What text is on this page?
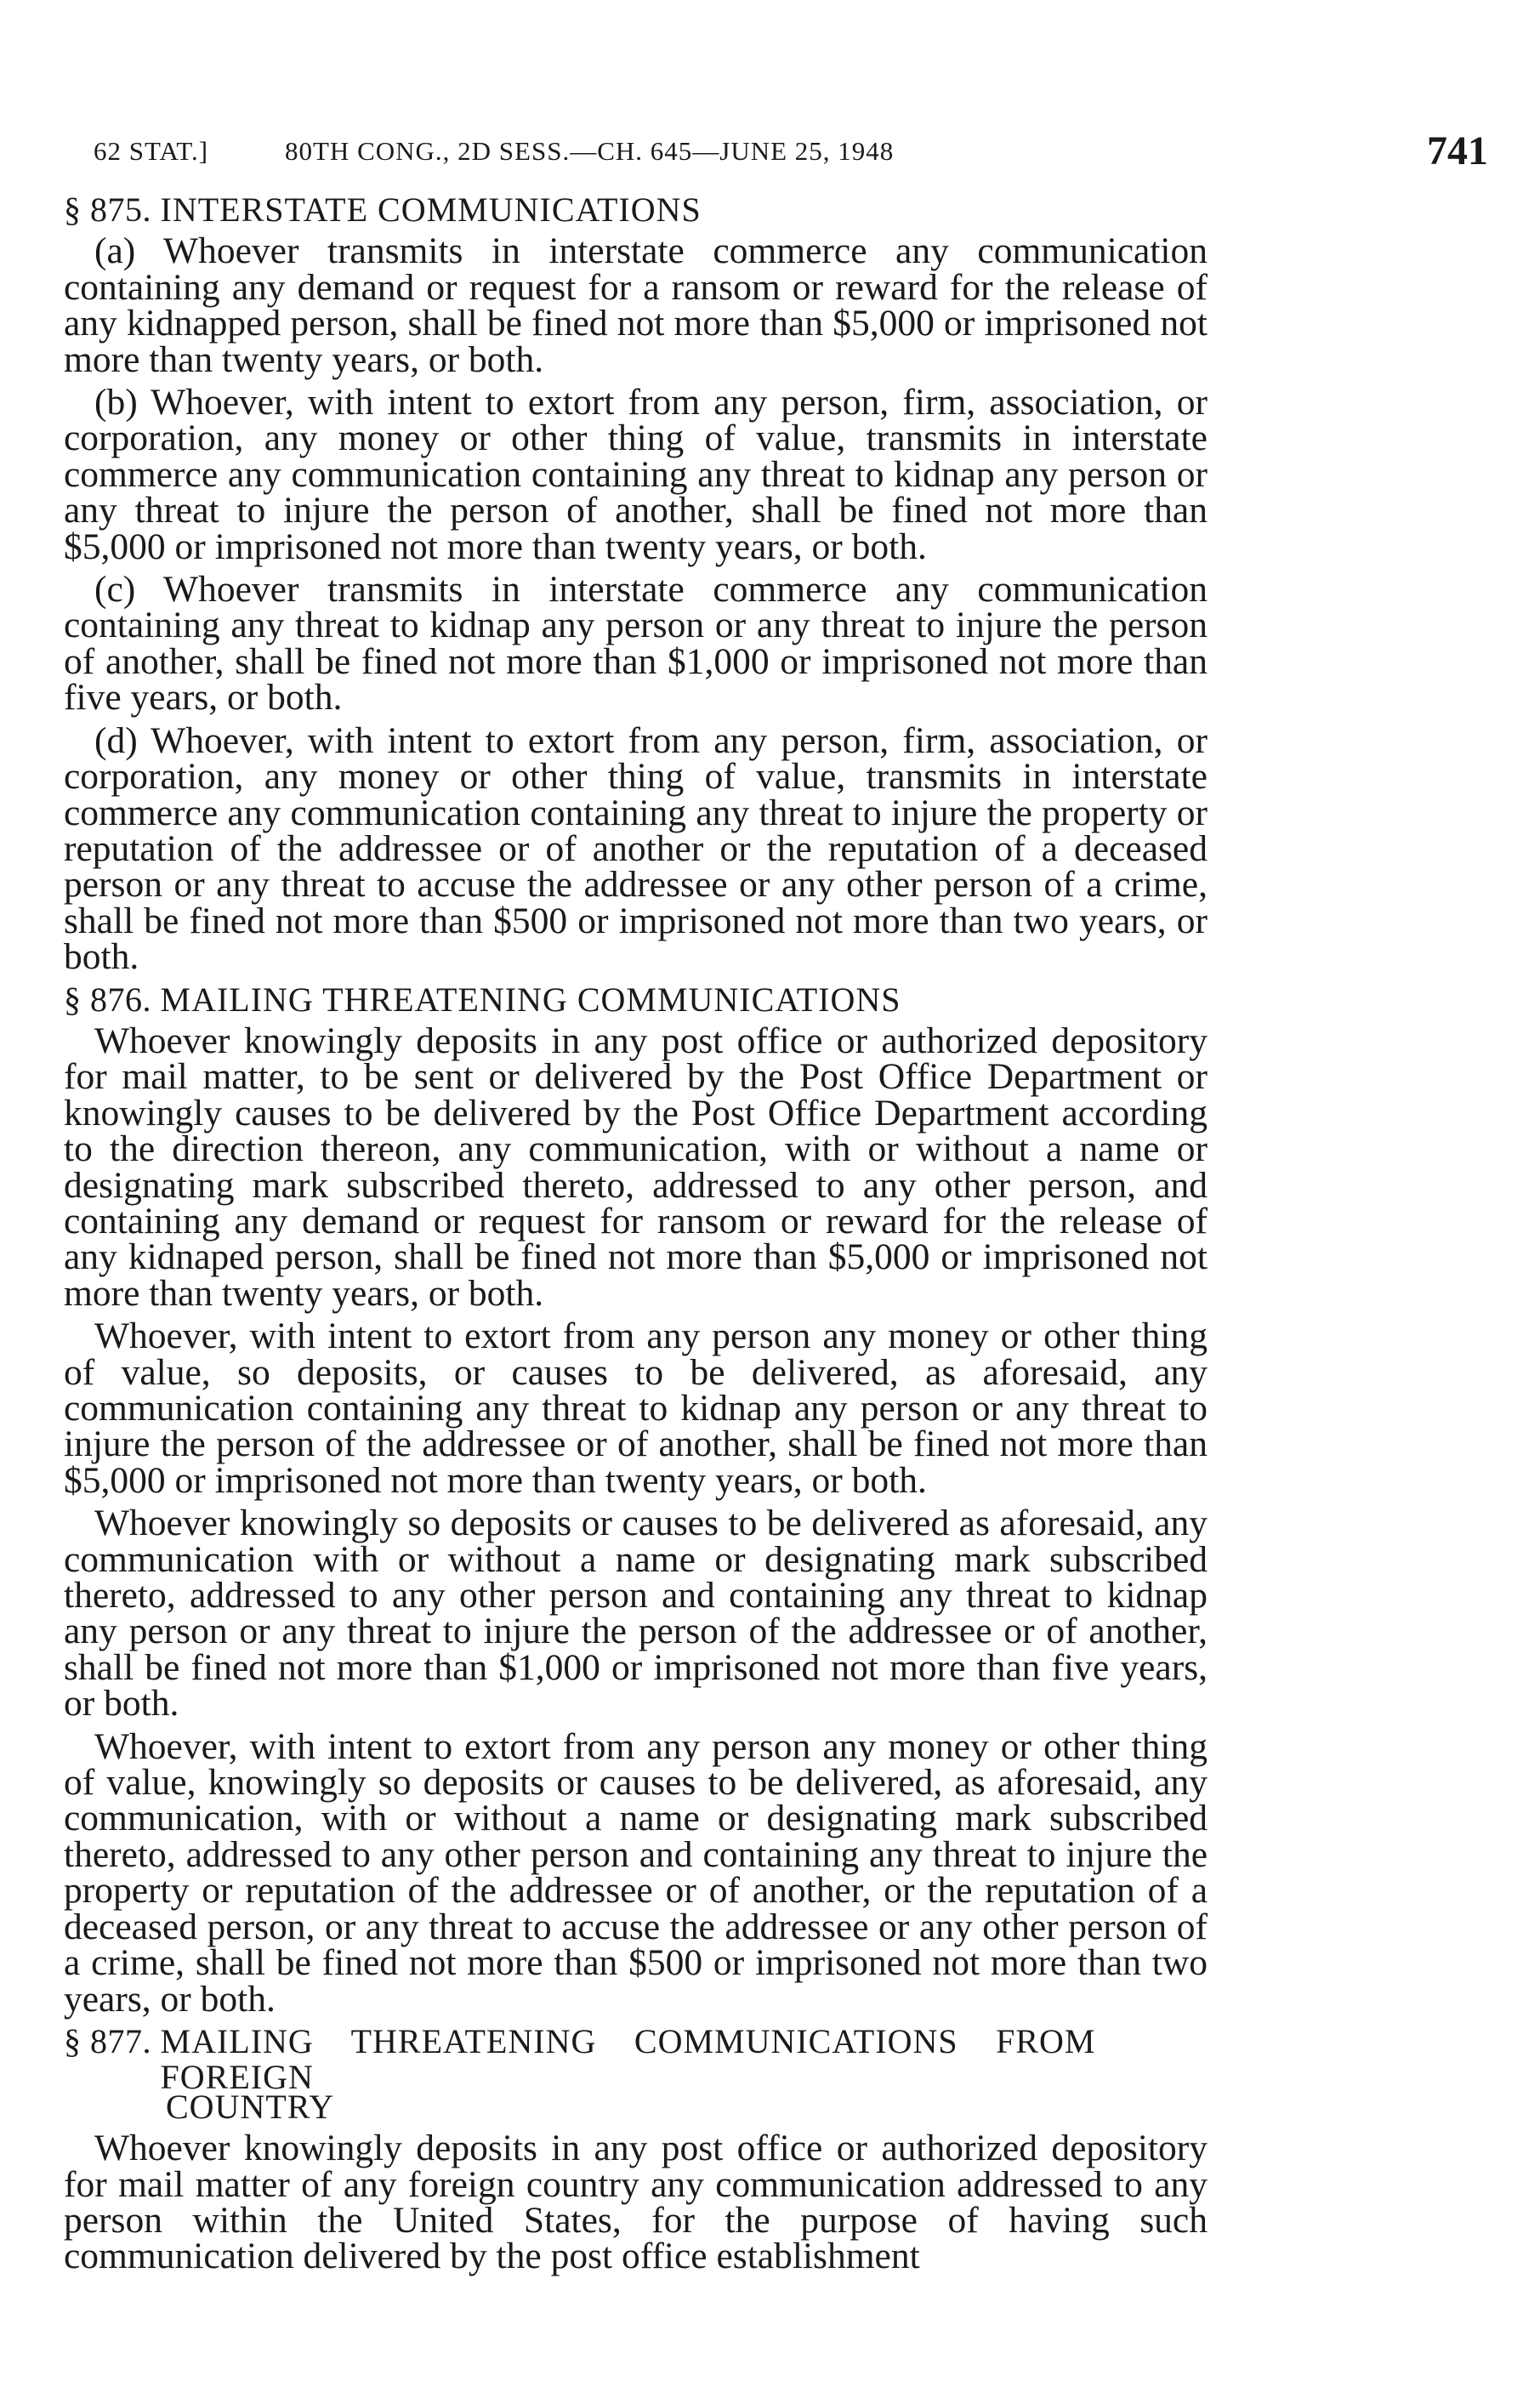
62 STAT.]	80TH CONG., 2D SESS.—CH. 645—JUNE 25, 1948	741
§ 875. INTERSTATE COMMUNICATIONS

(a) Whoever transmits in interstate commerce any communication containing any demand or request for a ransom or reward for the release of any kidnapped person, shall be fined not more than $5,000 or imprisoned not more than twenty years, or both.

(b) Whoever, with intent to extort from any person, firm, association, or corporation, any money or other thing of value, transmits in interstate commerce any communication containing any threat to kidnap any person or any threat to injure the person of another, shall be fined not more than $5,000 or imprisoned not more than twenty years, or both.

(c) Whoever transmits in interstate commerce any communication containing any threat to kidnap any person or any threat to injure the person of another, shall be fined not more than $1,000 or imprisoned not more than five years, or both.

(d) Whoever, with intent to extort from any person, firm, association, or corporation, any money or other thing of value, transmits in interstate commerce any communication containing any threat to injure the property or reputation of the addressee or of another or the reputation of a deceased person or any threat to accuse the addressee or any other person of a crime, shall be fined not more than $500 or imprisoned not more than two years, or both.

§ 876. MAILING THREATENING COMMUNICATIONS

Whoever knowingly deposits in any post office or authorized depository for mail matter, to be sent or delivered by the Post Office Department or knowingly causes to be delivered by the Post Office Department according to the direction thereon, any communication, with or without a name or designating mark subscribed thereto, addressed to any other person, and containing any demand or request for ransom or reward for the release of any kidnaped person, shall be fined not more than $5,000 or imprisoned not more than twenty years, or both.

Whoever, with intent to extort from any person any money or other thing of value, so deposits, or causes to be delivered, as aforesaid, any communication containing any threat to kidnap any person or any threat to injure the person of the addressee or of another, shall be fined not more than $5,000 or imprisoned not more than twenty years, or both.

Whoever knowingly so deposits or causes to be delivered as aforesaid, any communication with or without a name or designating mark subscribed thereto, addressed to any other person and containing any threat to kidnap any person or any threat to injure the person of the addressee or of another, shall be fined not more than $1,000 or imprisoned not more than five years, or both.

Whoever, with intent to extort from any person any money or other thing of value, knowingly so deposits or causes to be delivered, as aforesaid, any communication, with or without a name or designating mark subscribed thereto, addressed to any other person and containing any threat to injure the property or reputation of the addressee or of another, or the reputation of a deceased person, or any threat to accuse the addressee or any other person of a crime, shall be fined not more than $500 or imprisoned not more than two years, or both.

§ 877. MAILING THREATENING COMMUNICATIONS FROM FOREIGN
COUNTRY

Whoever knowingly deposits in any post office or authorized depository for mail matter of any foreign country any communication addressed to any person within the United States, for the purpose of having such communication delivered by the post office establishment
